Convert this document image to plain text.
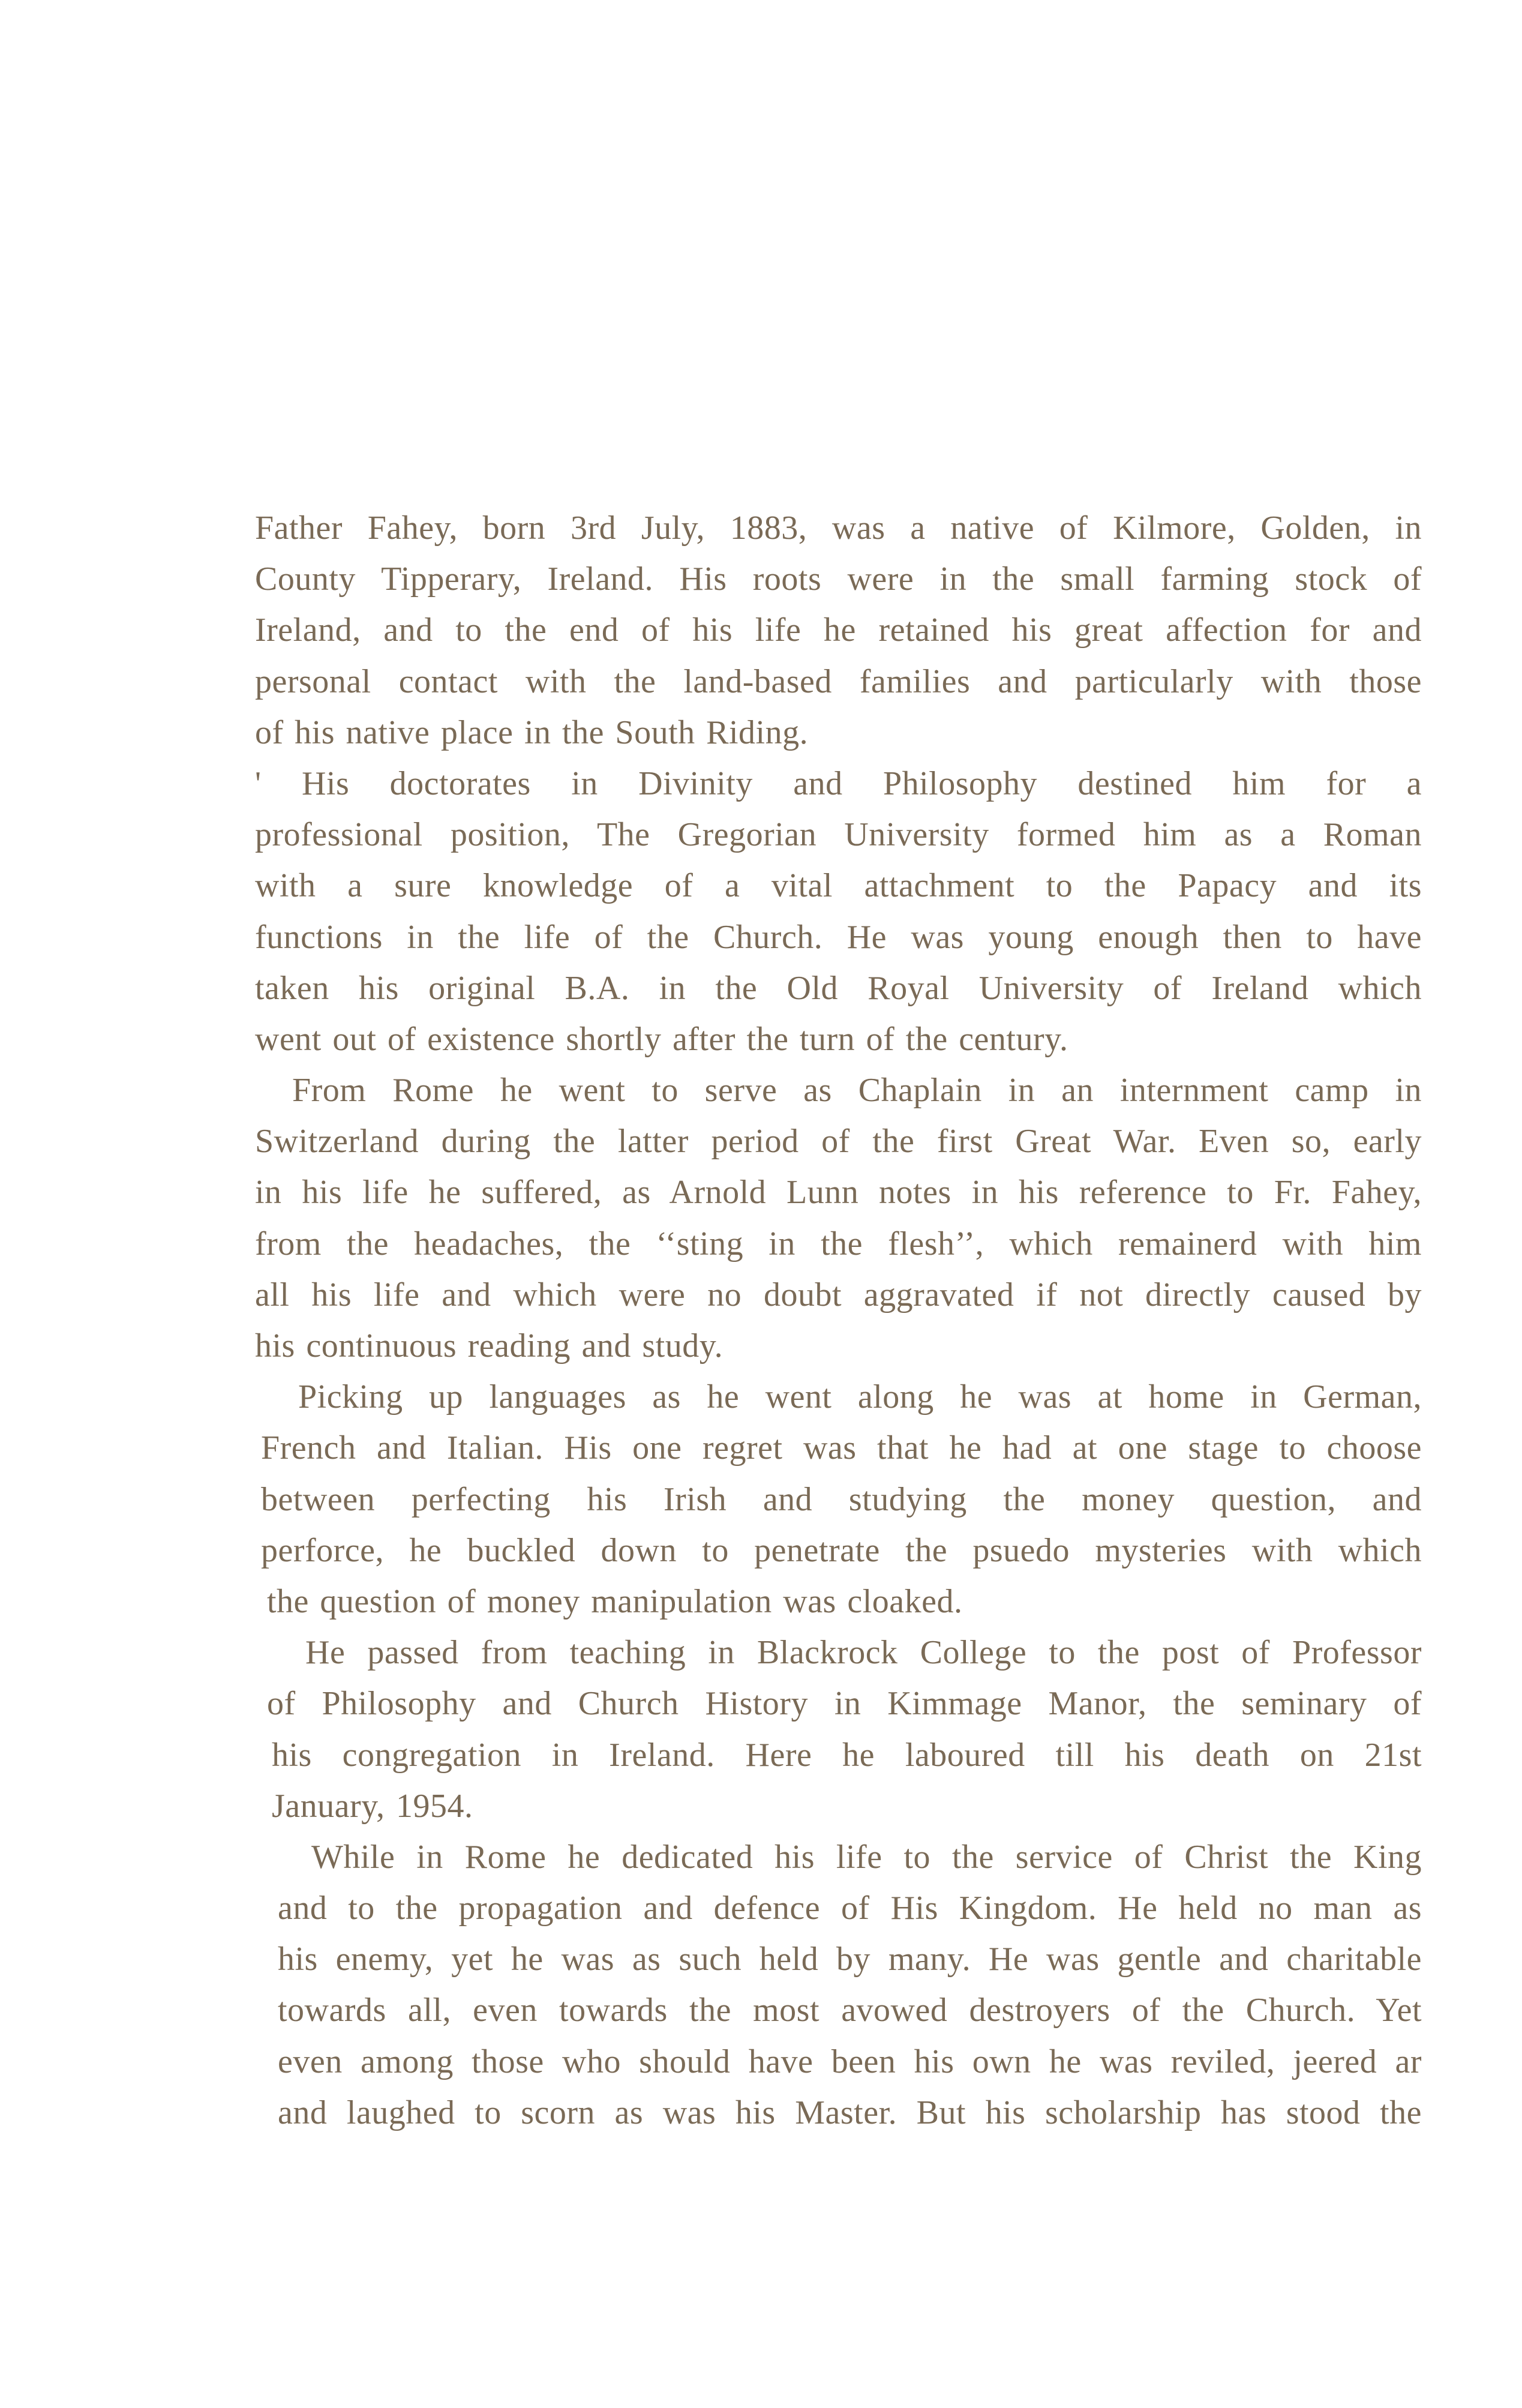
Father Fahey, born 3rd July, 1883, was a native of Kilmore, Golden, in
County Tipperary, Ireland. His roots were in the small farming stock of
Ireland, and to the end of his life he retained his great affection for and
personal contact with the land-based families and particularly with those
of his native place in the South Riding.
' His doctorates in Divinity and Philosophy destined him for a
professional position, The Gregorian University formed him as a Roman
with a sure knowledge of a vital attachment to the Papacy and its
functions in the life of the Church. He was young enough then to have
taken his original B.A. in the Old Royal University of Ireland which
went out of existence shortly after the turn of the century.
From Rome he went to serve as Chaplain in an internment camp in
Switzerland during the latter period of the first Great War. Even so, early
in his life he suffered, as Arnold Lunn notes in his reference to Fr. Fahey,
from the headaches, the ‘‘sting in the flesh’’, which remainerd with him
all his life and which were no doubt aggravated if not directly caused by
his continuous reading and study.
Picking up languages as he went along he was at home in German,
French and Italian. His one regret was that he had at one stage to choose
between perfecting his Irish and studying the money question, and
perforce, he buckled down to penetrate the psuedo mysteries with which
the question of money manipulation was cloaked.
He passed from teaching in Blackrock College to the post of Professor
of Philosophy and Church History in Kimmage Manor, the seminary of
his congregation in Ireland. Here he laboured till his death on 21st
January, 1954.
While in Rome he dedicated his life to the service of Christ the King
and to the propagation and defence of His Kingdom. He held no man as
his enemy, yet he was as such held by many. He was gentle and charitable
towards all, even towards the most avowed destroyers of the Church. Yet
even among those who should have been his own he was reviled, jeered ar
and laughed to scorn as was his Master. But his scholarship has stood the
